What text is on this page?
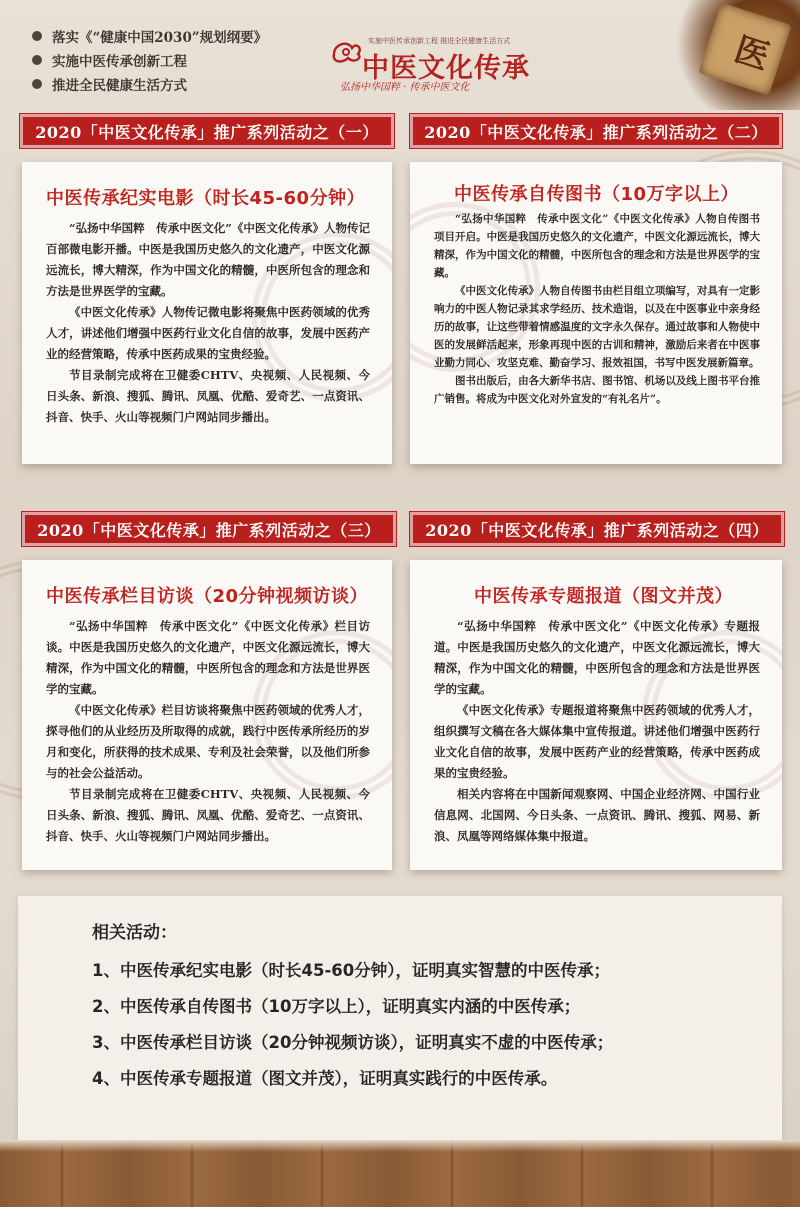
落实《“健康中国2030”规划纲要》
实施中医传承创新工程
推进全民健康生活方式
实施中医传承创新工程 推进全民健康生活方式
中医文化传承
弘扬中华国粹 · 传承中医文化
医
2020「中医文化传承」推广系列活动之（一）	2020「中医文化传承」推广系列活动之（二）
2020「中医文化传承」推广系列活动之（三）	2020「中医文化传承」推广系列活动之（四）
中医传承纪实电影（时长45-60分钟）

“弘扬中华国粹　传承中医文化”《中医文化传承》人物传记百部微电影开播。中医是我国历史悠久的文化遗产，中医文化源远流长，博大精深，作为中国文化的精髓，中医所包含的理念和方法是世界医学的宝藏。

《中医文化传承》人物传记微电影将聚焦中医药领域的优秀人才，讲述他们增强中医药行业文化自信的故事，发展中医药产业的经营策略，传承中医药成果的宝贵经验。

节目录制完成将在卫健委CHTV、央视频、人民视频、今日头条、新浪、搜狐、腾讯、凤凰、优酷、爱奇艺、一点资讯、抖音、快手、火山等视频门户网站同步播出。

中医传承自传图书（10万字以上）

“弘扬中华国粹　传承中医文化”《中医文化传承》人物自传图书项目开启。中医是我国历史悠久的文化遗产，中医文化源远流长，博大精深，作为中国文化的精髓，中医所包含的理念和方法是世界医学的宝藏。

《中医文化传承》人物自传图书由栏目组立项编写，对具有一定影响力的中医人物记录其求学经历、技术造诣，以及在中医事业中亲身经历的故事，让这些带着情感温度的文字永久保存。通过故事和人物使中医的发展鲜活起来，形象再现中医的古训和精神，激励后来者在中医事业勤力同心、攻坚克难、勤奋学习、报效祖国，书写中医发展新篇章。

图书出版后，由各大新华书店、图书馆、机场以及线上图书平台推广销售。将成为中医文化对外宣发的“有礼名片”。

中医传承栏目访谈（20分钟视频访谈）

“弘扬中华国粹　传承中医文化”《中医文化传承》栏目访谈。中医是我国历史悠久的文化遗产，中医文化源远流长，博大精深，作为中国文化的精髓，中医所包含的理念和方法是世界医学的宝藏。

《中医文化传承》栏目访谈将聚焦中医药领域的优秀人才，探寻他们的从业经历及所取得的成就，践行中医传承所经历的岁月和变化，所获得的技术成果、专利及社会荣誉，以及他们所参与的社会公益活动。

节目录制完成将在卫健委CHTV、央视频、人民视频、今日头条、新浪、搜狐、腾讯、凤凰、优酷、爱奇艺、一点资讯、抖音、快手、火山等视频门户网站同步播出。

中医传承专题报道（图文并茂）

“弘扬中华国粹　传承中医文化”《中医文化传承》专题报道。中医是我国历史悠久的文化遗产，中医文化源远流长，博大精深，作为中国文化的精髓，中医所包含的理念和方法是世界医学的宝藏。

《中医文化传承》专题报道将聚焦中医药领域的优秀人才，组织撰写文稿在各大媒体集中宣传报道。讲述他们增强中医药行业文化自信的故事，发展中医药产业的经营策略，传承中医药成果的宝贵经验。

相关内容将在中国新闻观察网、中国企业经济网、中国行业信息网、北国网、今日头条、一点资讯、腾讯、搜狐、网易、新浪、凤凰等网络媒体集中报道。

相关活动：
1、中医传承纪实电影（时长45-60分钟），证明真实智慧的中医传承；
2、中医传承自传图书（10万字以上），证明真实内涵的中医传承；
3、中医传承栏目访谈（20分钟视频访谈），证明真实不虚的中医传承；
4、中医传承专题报道（图文并茂），证明真实践行的中医传承。
